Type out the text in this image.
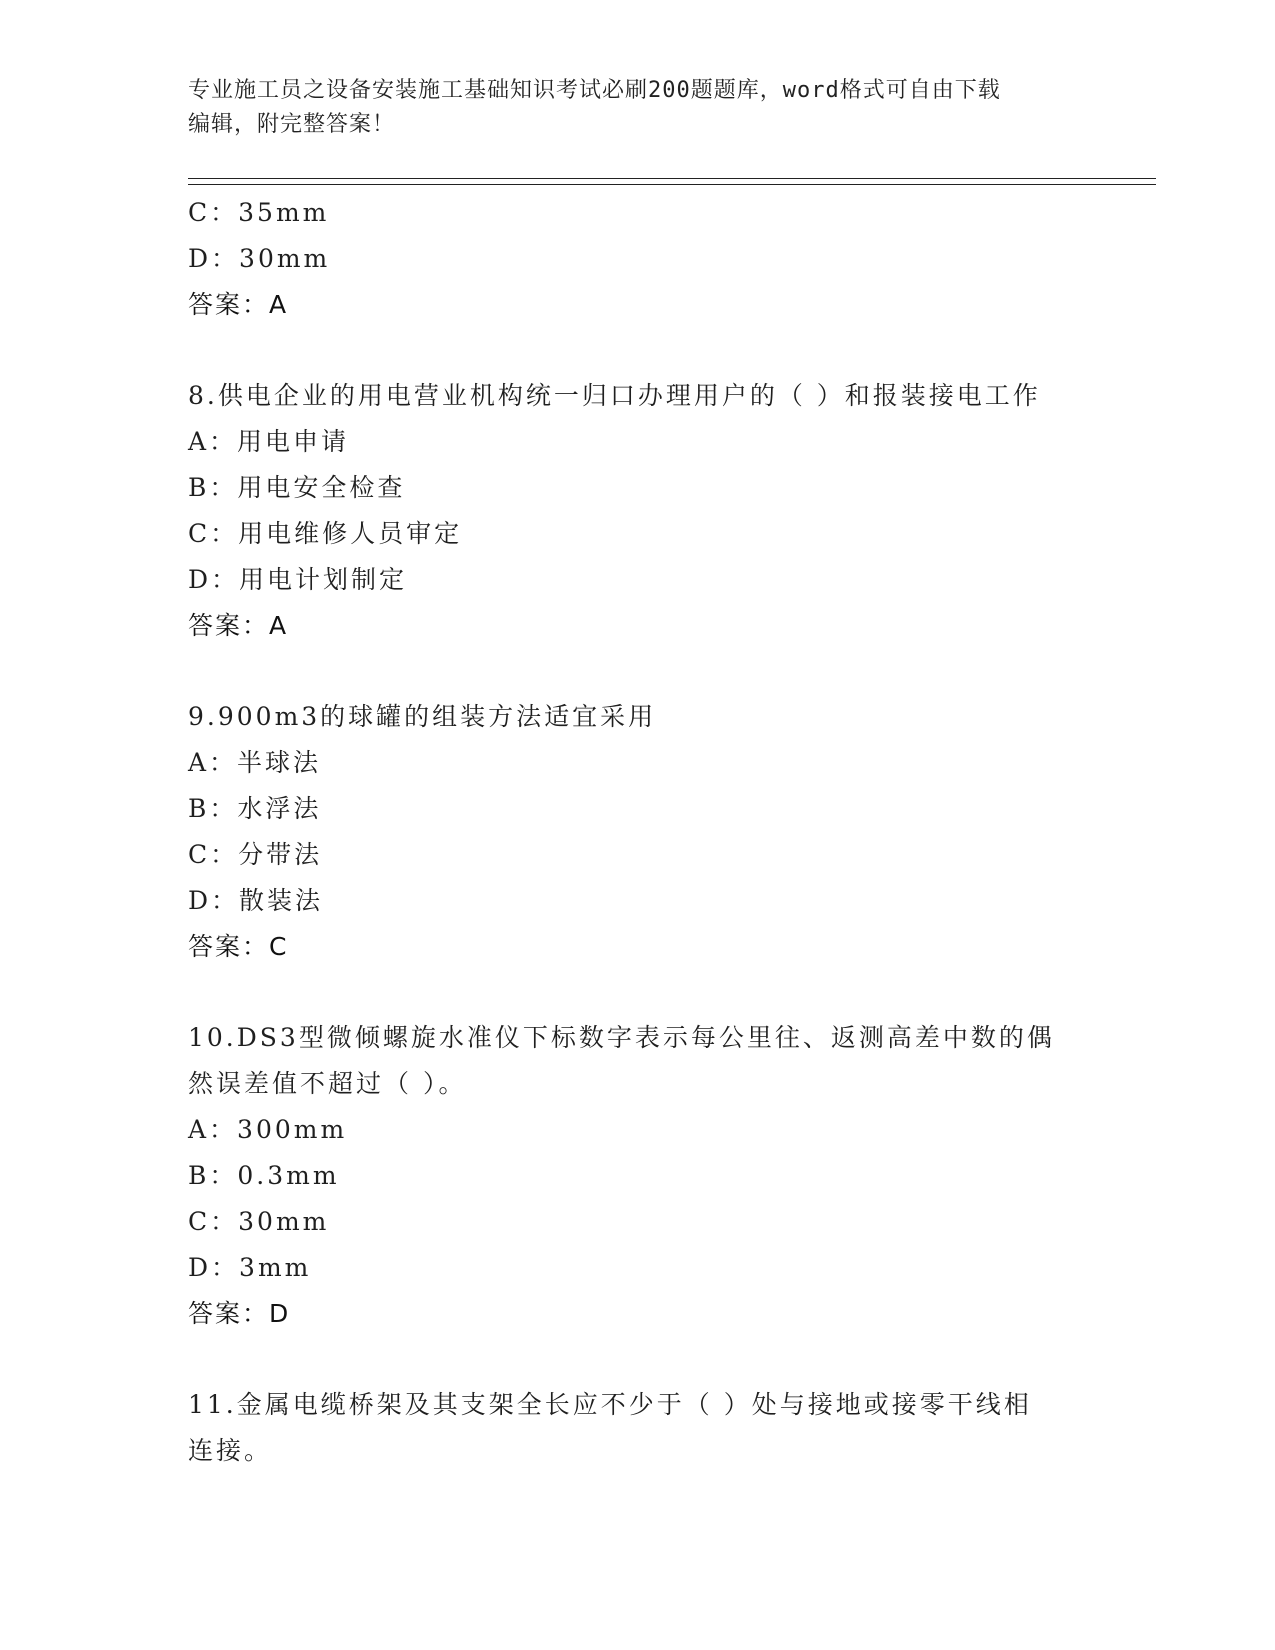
专业施工员之设备安装施工基础知识考试必刷200题题库，word格式可自由下载
编辑，附完整答案！
C：35mm
D：30mm
答案：A
8.供电企业的用电营业机构统一归口办理用户的（ ）和报装接电工作
A：用电申请
B：用电安全检查
C：用电维修人员审定
D：用电计划制定
答案：A
9.900m3的球罐的组装方法适宜采用
A：半球法
B：水浮法
C：分带法
D：散装法
答案：C
10.DS3型微倾螺旋水准仪下标数字表示每公里往、返测高差中数的偶
然误差值不超过（ ）。
A：300mm
B：0.3mm
C：30mm
D：3mm
答案：D
11.金属电缆桥架及其支架全长应不少于（ ）处与接地或接零干线相
连接。
